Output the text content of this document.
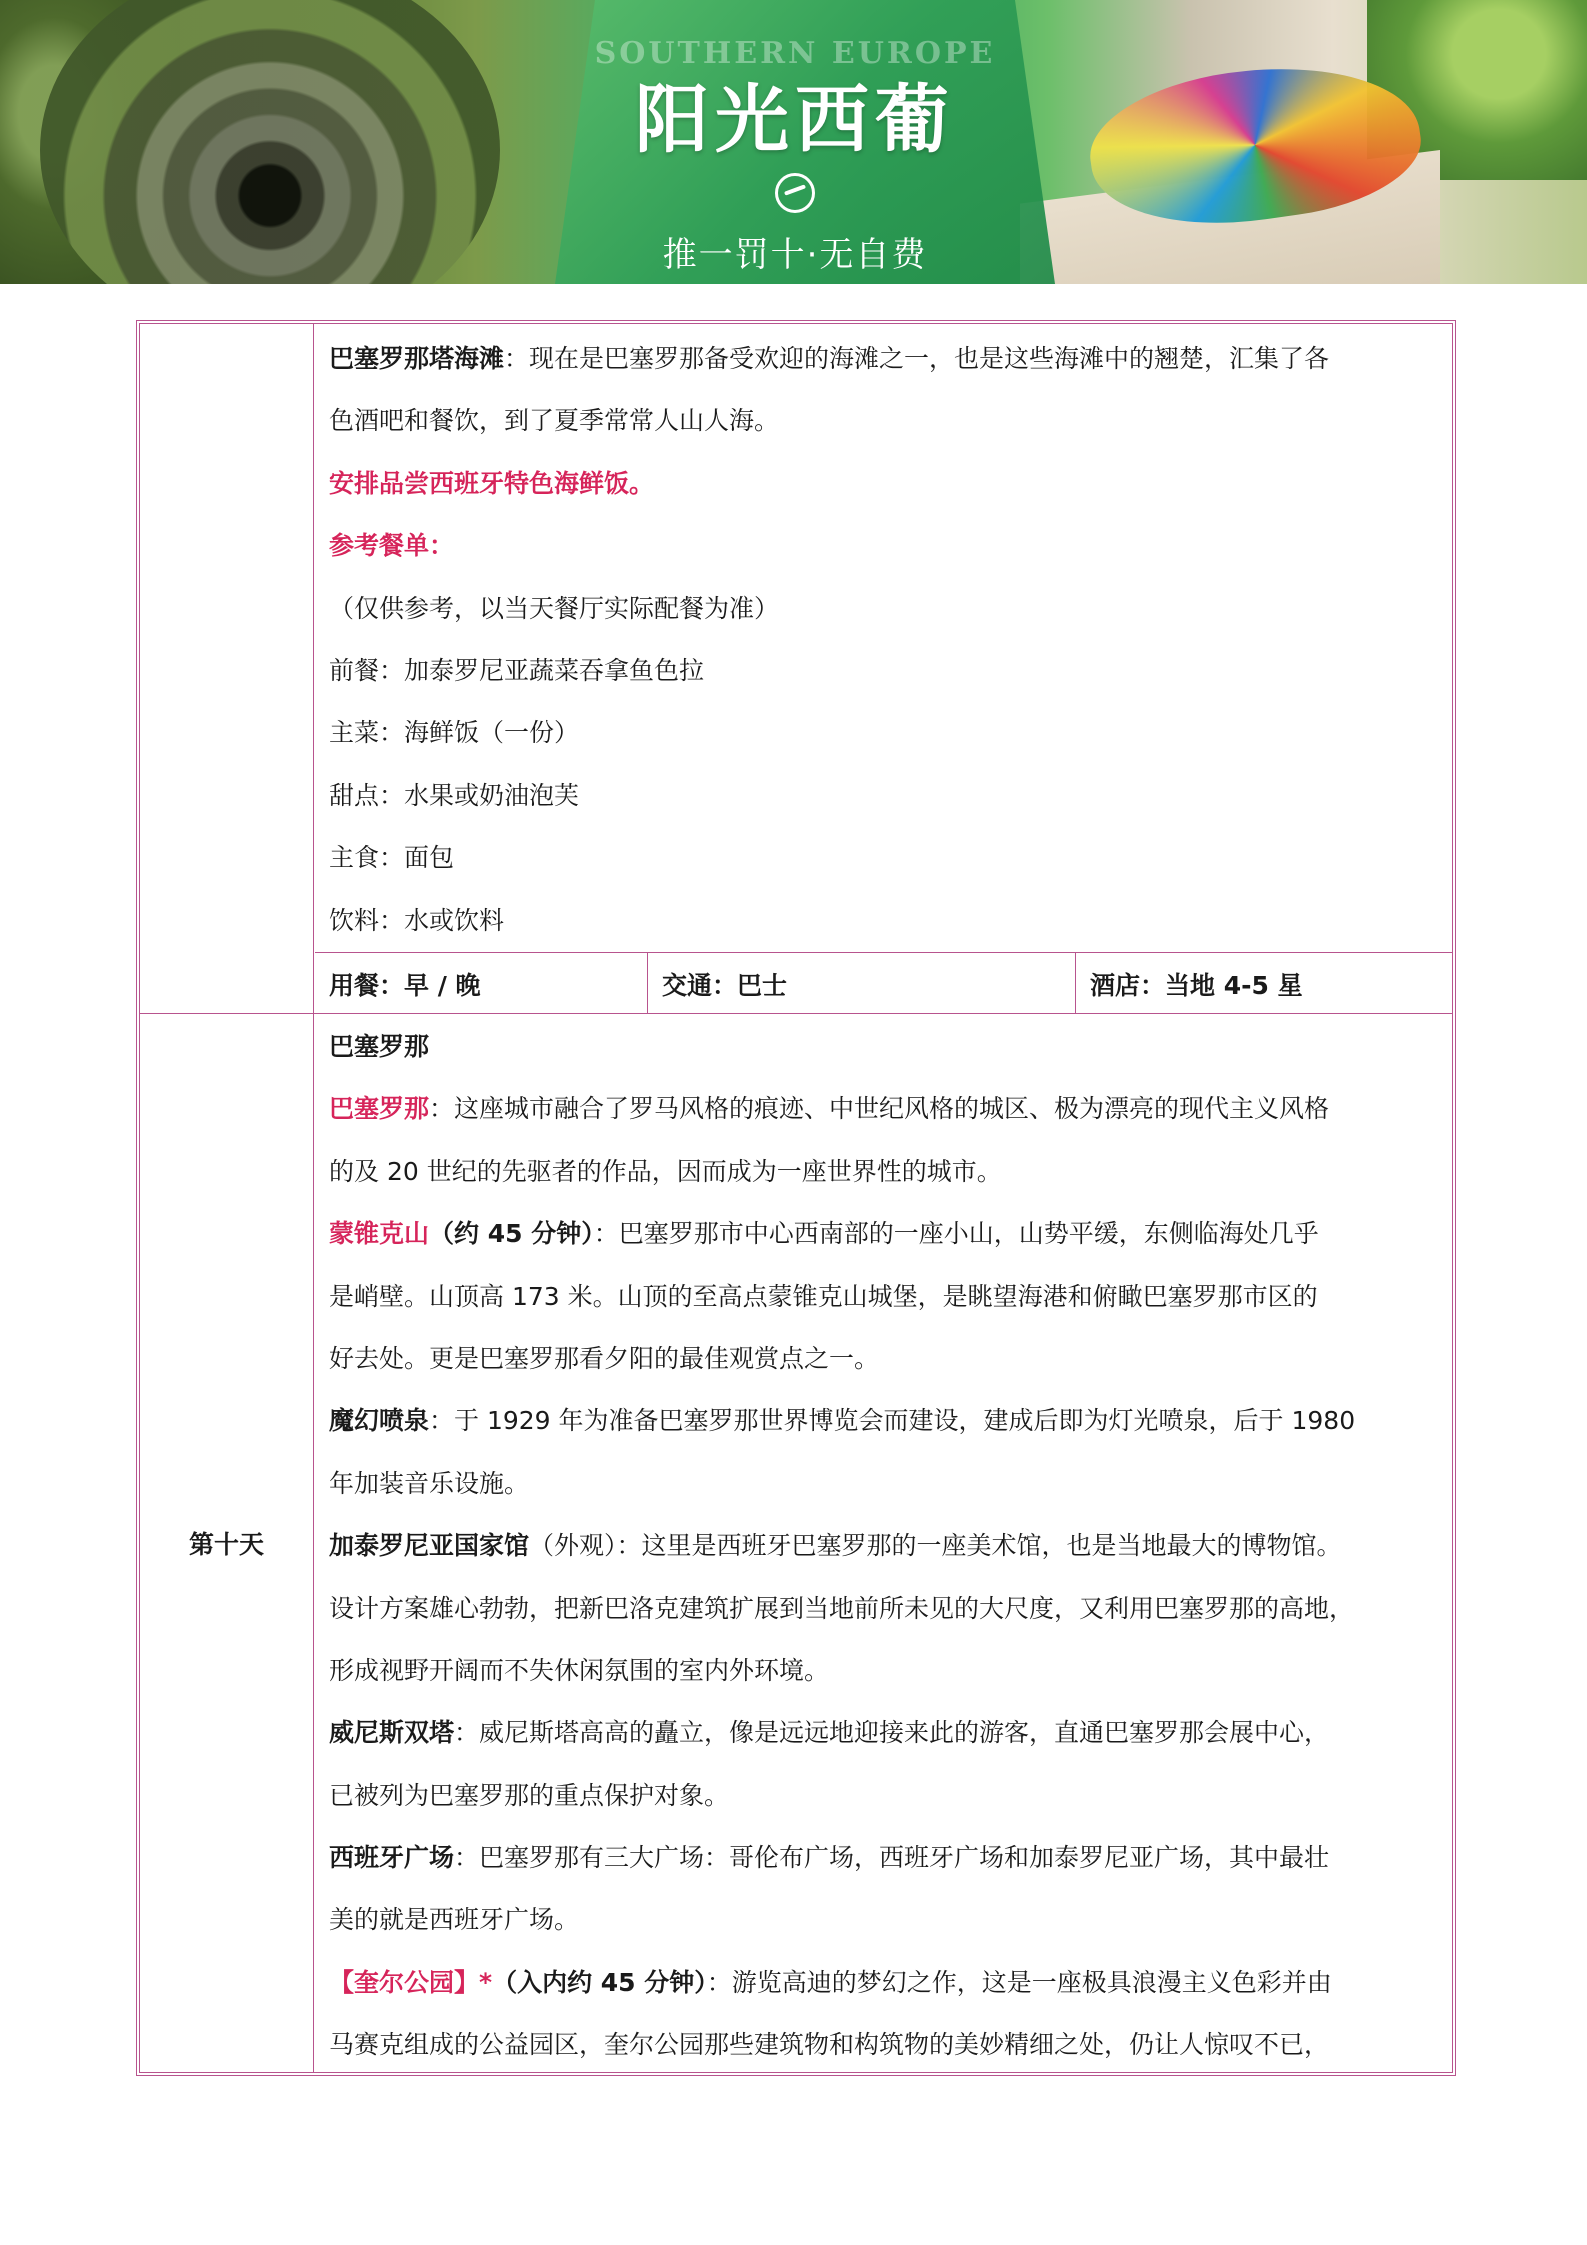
SOUTHERN EUROPE
阳光西葡
推一罚十·无自费
巴塞罗那塔海滩：现在是巴塞罗那备受欢迎的海滩之一，也是这些海滩中的翘楚，汇集了各
色酒吧和餐饮，到了夏季常常人山人海。
安排品尝西班牙特色海鲜饭。
参考餐单：
（仅供参考，以当天餐厅实际配餐为准）
前餐：加泰罗尼亚蔬菜吞拿鱼色拉
主菜：海鲜饭（一份）
甜点：水果或奶油泡芙
主食：面包
饮料：水或饮料
用餐：早 / 晚	交通：巴士	酒店：当地 4-5 星
第十天
巴塞罗那
巴塞罗那：这座城市融合了罗马风格的痕迹、中世纪风格的城区、极为漂亮的现代主义风格
的及 20 世纪的先驱者的作品，因而成为一座世界性的城市。
蒙锥克山（约 45 分钟）：巴塞罗那市中心西南部的一座小山，山势平缓，东侧临海处几乎
是峭壁。山顶高 173 米。山顶的至高点蒙锥克山城堡，是眺望海港和俯瞰巴塞罗那市区的
好去处。更是巴塞罗那看夕阳的最佳观赏点之一。
魔幻喷泉：于 1929 年为准备巴塞罗那世界博览会而建设，建成后即为灯光喷泉，后于 1980
年加装音乐设施。
加泰罗尼亚国家馆（外观）：这里是西班牙巴塞罗那的一座美术馆，也是当地最大的博物馆。
设计方案雄心勃勃，把新巴洛克建筑扩展到当地前所未见的大尺度，又利用巴塞罗那的高地，
形成视野开阔而不失休闲氛围的室内外环境。
威尼斯双塔：威尼斯塔高高的矗立，像是远远地迎接来此的游客，直通巴塞罗那会展中心，
已被列为巴塞罗那的重点保护对象。
西班牙广场：巴塞罗那有三大广场：哥伦布广场，西班牙广场和加泰罗尼亚广场，其中最壮
美的就是西班牙广场。
【奎尔公园】*（入内约 45 分钟）：游览高迪的梦幻之作，这是一座极具浪漫主义色彩并由
马赛克组成的公益园区，奎尔公园那些建筑物和构筑物的美妙精细之处，仍让人惊叹不已，
